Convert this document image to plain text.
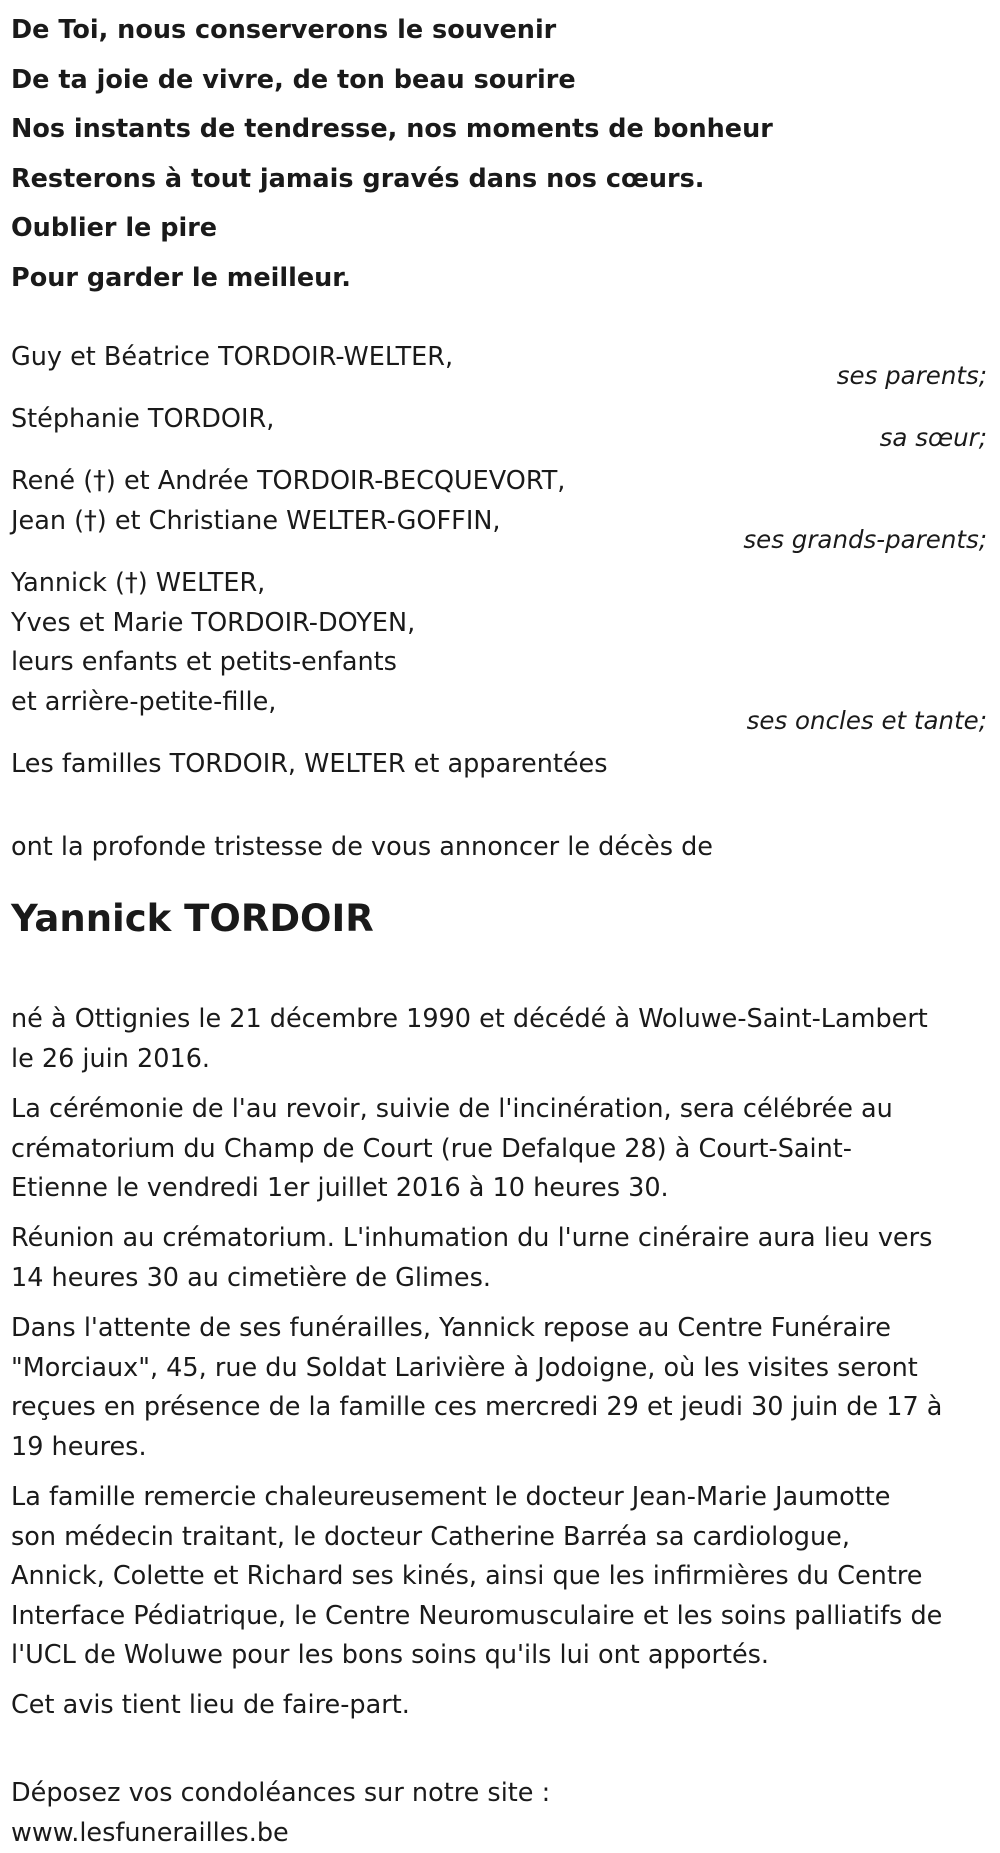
De Toi, nous conserverons le souvenir
De ta joie de vivre, de ton beau sourire
Nos instants de tendresse, nos moments de bonheur
Resterons à tout jamais gravés dans nos cœurs.
Oublier le pire
Pour garder le meilleur.
Guy et Béatrice TORDOIR-WELTER,
ses parents;
Stéphanie TORDOIR,
sa sœur;
René (†) et Andrée TORDOIR-BECQUEVORT,
Jean (†) et Christiane WELTER-GOFFIN,
ses grands-parents;
Yannick (†) WELTER,
Yves et Marie TORDOIR-DOYEN,
leurs enfants et petits-enfants
et arrière-petite-fille,
ses oncles et tante;
Les familles TORDOIR, WELTER et apparentées
ont la profonde tristesse de vous annoncer le décès de
Yannick TORDOIR
né à Ottignies le 21 décembre 1990 et décédé à Woluwe-Saint-Lambert
le 26 juin 2016.
La cérémonie de l'au revoir, suivie de l'incinération, sera célébrée au
crématorium du Champ de Court (rue Defalque 28) à Court-Saint-
Etienne le vendredi 1er juillet 2016 à 10 heures 30.
Réunion au crématorium. L'inhumation du l'urne cinéraire aura lieu vers
14 heures 30 au cimetière de Glimes.
Dans l'attente de ses funérailles, Yannick repose au Centre Funéraire
"Morciaux", 45, rue du Soldat Larivière à Jodoigne, où les visites seront
reçues en présence de la famille ces mercredi 29 et jeudi 30 juin de 17 à
19 heures.
La famille remercie chaleureusement le docteur Jean-Marie Jaumotte
son médecin traitant, le docteur Catherine Barréa sa cardiologue,
Annick, Colette et Richard ses kinés, ainsi que les infirmières du Centre
Interface Pédiatrique, le Centre Neuromusculaire et les soins palliatifs de
l'UCL de Woluwe pour les bons soins qu'ils lui ont apportés.
Cet avis tient lieu de faire-part.
Déposez vos condoléances sur notre site :
www.lesfunerailles.be
